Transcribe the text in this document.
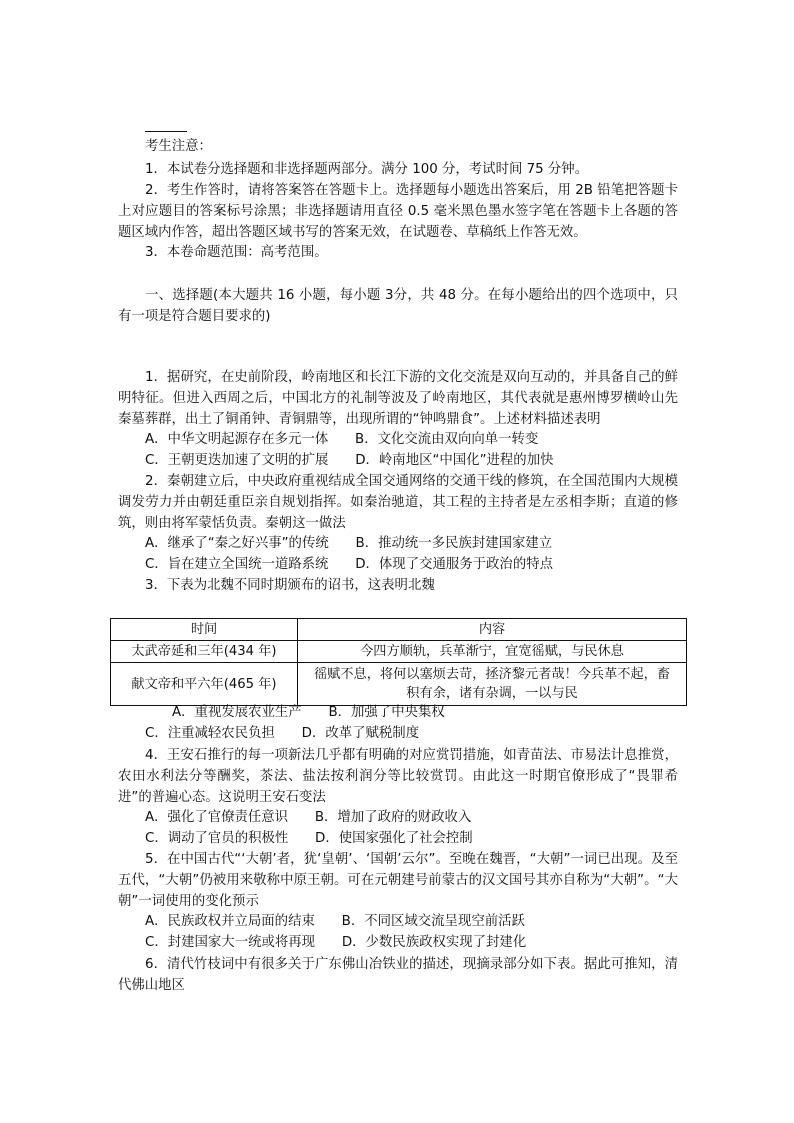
考生注意：
1．本试卷分选择题和非选择题两部分。满分 100 分，考试时间 75 分钟。
2．考生作答时，请将答案答在答题卡上。选择题每小题选出答案后，用 2B 铅笔把答题卡上对应题目的答案标号涂黑；非选择题请用直径 0.5 毫米黑色墨水签字笔在答题卡上各题的答题区域内作答，超出答题区域书写的答案无效，在试题卷、草稿纸上作答无效。
3．本卷命题范围：高考范围。
一、选择题(本大题共 16 小题，每小题 3分，共 48 分。在每小题给出的四个选项中，只有一项是符合题目要求的)
1．据研究，在史前阶段，岭南地区和长江下游的文化交流是双向互动的，并具备自己的鲜明特征。但进入西周之后，中国北方的礼制等波及了岭南地区，其代表就是惠州博罗横岭山先秦墓葬群，出土了铜甬钟、青铜鼎等，出现所谓的“钟鸣鼎食”。上述材料描述表明
A．中华文明起源存在多元一体　　B．文化交流由双向向单一转变
C．王朝更迭加速了文明的扩展　　D．岭南地区“中国化”进程的加快
2．秦朝建立后，中央政府重视结成全国交通网络的交通干线的修筑，在全国范围内大规模调发劳力并由朝廷重臣亲自规划指挥。如秦治驰道，其工程的主持者是左丞相李斯；直道的修筑，则由将军蒙恬负责。秦朝这一做法
A．继承了“秦之好兴事”的传统　　B．推动统一多民族封建国家建立
C．旨在建立全国统一道路系统　　D．体现了交通服务于政治的特点
3．下表为北魏不同时期颁布的诏书，这表明北魏
时间	内容
太武帝延和三年(434 年)	今四方顺轨，兵革渐宁，宜宽徭赋，与民休息
献文帝和平六年(465 年)	徭赋不息，将何以塞烦去苛，拯济黎元者哉！今兵革不起，畜积有余，诸有杂调，一以与民
A．重视发展农业生产　　B．加强了中央集权
C．注重减轻农民负担　　D．改革了赋税制度
4．王安石推行的每一项新法几乎都有明确的对应赏罚措施，如青苗法、市易法计息推赏，农田水利法分等酬奖，茶法、盐法按利润分等比较赏罚。由此这一时期官僚形成了“畏罪希进”的普遍心态。这说明王安石变法
A．强化了官僚责任意识　　B．增加了政府的财政收入
C．调动了官员的积极性　　D．使国家强化了社会控制
5．在中国古代“‘大朝’者，犹‘皇朝’、‘国朝’云尔”。至晚在魏晋，“大朝”一词已出现。及至五代，“大朝”仍被用来敬称中原王朝。可在元朝建号前蒙古的汉文国号其亦自称为“大朝”。“大朝”一词使用的变化预示
A．民族政权并立局面的结束　　B．不同区域交流呈现空前活跃
C．封建国家大一统或将再现　　D．少数民族政权实现了封建化
6．清代竹枝词中有很多关于广东佛山冶铁业的描述，现摘录部分如下表。据此可推知，清代佛山地区
